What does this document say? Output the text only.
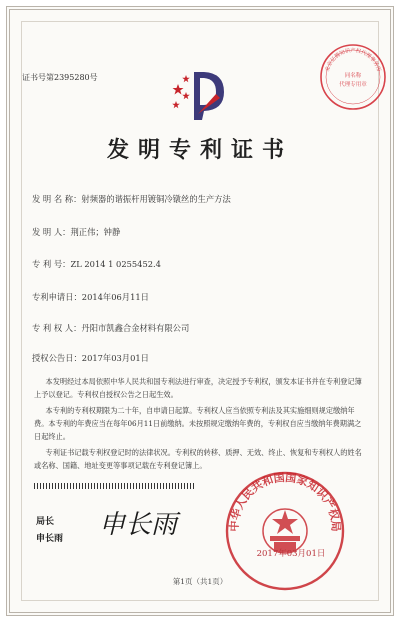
证书号第2395280号
北京亿腾知识产权代理事务所
同名称
代理专用章
发明专利证书
发 明 名 称：射频器的谐振杆用镀铜冷镦丝的生产方法
发 明 人：荆正伟；钟静
专 利 号：ZL 2014 1 0255452.4
专利申请日：2014年06月11日
专 利 权 人：丹阳市凯鑫合金材料有限公司
授权公告日：2017年03月01日
本发明经过本局依照中华人民共和国专利法进行审查，决定授予专利权，颁发本证书并在专利登记簿上予以登记。专利权自授权公告之日起生效。
本专利的专利权期限为二十年，自申请日起算。专利权人应当依照专利法及其实施细则规定缴纳年费。本专利的年费应当在每年06月11日前缴纳。未按照规定缴纳年费的，专利权自应当缴纳年费期满之日起终止。
专利证书记载专利权登记时的法律状况。专利权的转移、质押、无效、终止、恢复和专利权人的姓名或名称、国籍、地址变更等事项记载在专利登记簿上。
局长
申长雨 申长雨	中华人民共和国国家知识产权局
2017年03月01日
第1页（共1页）
